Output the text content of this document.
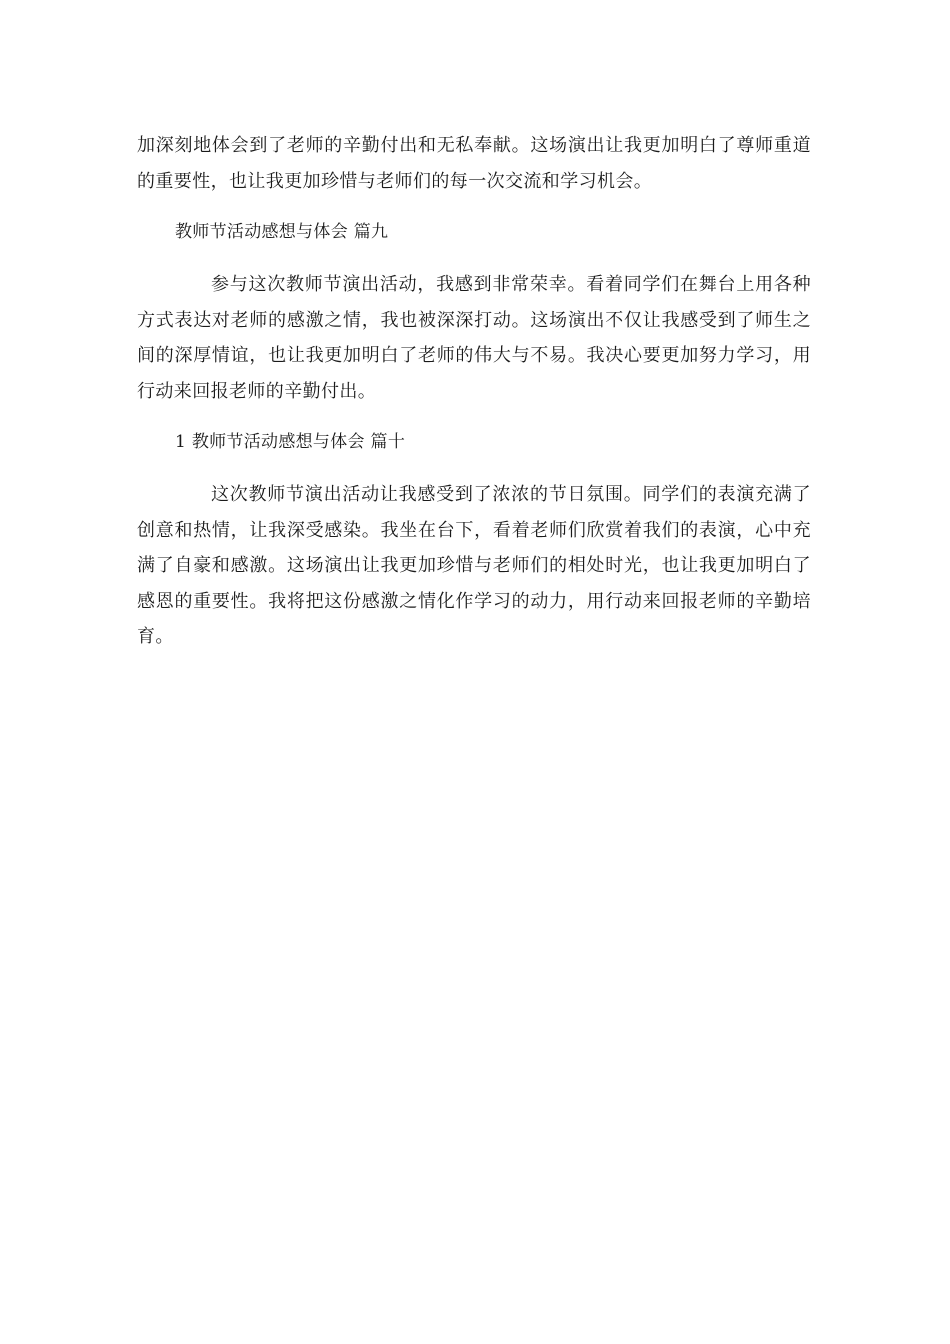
加深刻地体会到了老师的辛勤付出和无私奉献。这场演出让我更加明白了尊师重道的重要性，也让我更加珍惜与老师们的每一次交流和学习机会。

教师节活动感想与体会 篇九

参与这次教师节演出活动，我感到非常荣幸。看着同学们在舞台上用各种方式表达对老师的感激之情，我也被深深打动。这场演出不仅让我感受到了师生之间的深厚情谊，也让我更加明白了老师的伟大与不易。我决心要更加努力学习，用行动来回报老师的辛勤付出。

1 教师节活动感想与体会 篇十

这次教师节演出活动让我感受到了浓浓的节日氛围。同学们的表演充满了创意和热情，让我深受感染。我坐在台下，看着老师们欣赏着我们的表演，心中充满了自豪和感激。这场演出让我更加珍惜与老师们的相处时光，也让我更加明白了感恩的重要性。我将把这份感激之情化作学习的动力，用行动来回报老师的辛勤培育。
